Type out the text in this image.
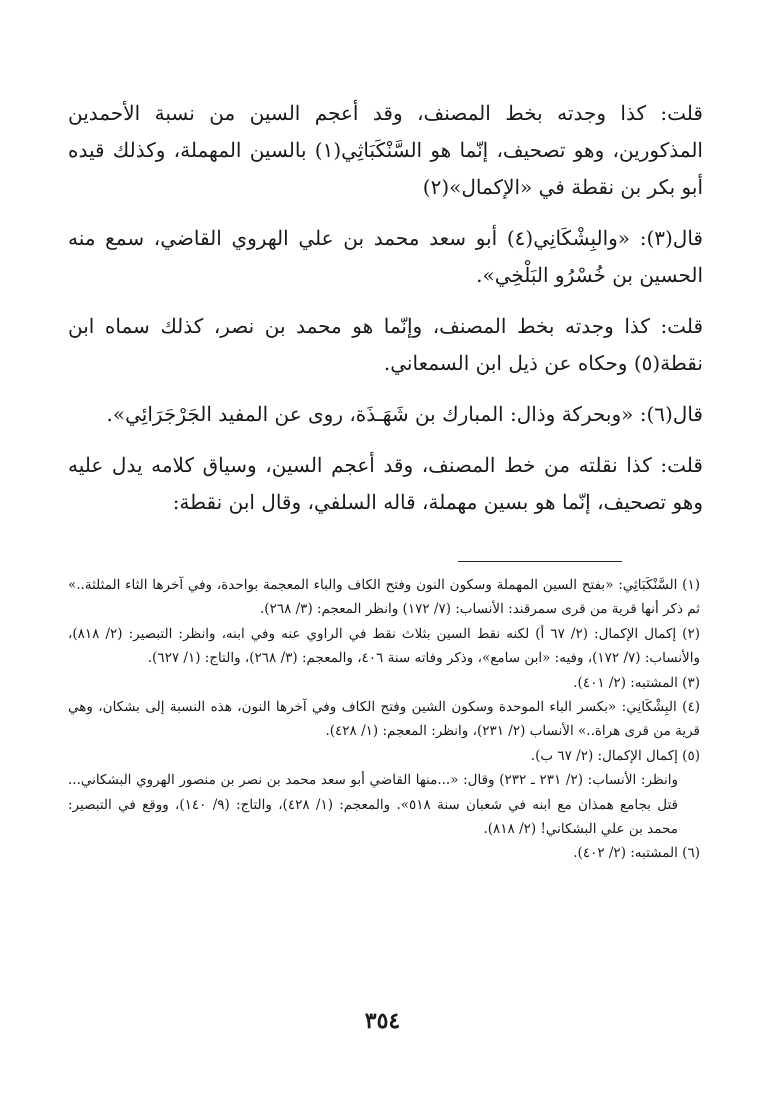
قلت: كذا وجدته بخط المصنف، وقد أعجم السين من نسبة الأحمدين المذكورين، وهو تصحيف، إنّما هو السَّنْكَبَاثِي(١) بالسين المهملة، وكذلك قيده أبو بكر بن نقطة في «الإكمال»(٢)

قال(٣): «والبِشْكَانِي(٤) أبو سعد محمد بن علي الهروي القاضي، سمع منه الحسين بن خُسْرُو البَلْخِي».

قلت: كذا وجدته بخط المصنف، وإنّما هو محمد بن نصر، كذلك سماه ابن نقطة(٥) وحكاه عن ذيل ابن السمعاني.

قال(٦): «وبحركة وذال: المبارك بن شَهَـذَة، روى عن المفيد الجَرْجَرَائِي».

قلت: كذا نقلته من خط المصنف، وقد أعجم السين، وسياق كلامه يدل عليه وهو تصحيف، إنّما هو بسين مهملة، قاله السلفي، وقال ابن نقطة:

(١) السَّنْكَبَاثِي: «بفتح السين المهملة وسكون النون وفتح الكاف والباء المعجمة بواحدة، وفي آخرها الثاء المثلثة..» ثم ذكر أنها قرية من قرى سمرقند: الأنساب: (٧/ ١٧٢) وانظر المعجم: (٣/ ٢٦٨).

(٢) إكمال الإكمال: (٢/ ٦٧ أ) لكنه نقط السين بثلاث نقط في الراوي عنه وفي ابنه، وانظر: التبصير: (٢/ ٨١٨)، والأنساب: (٧/ ١٧٢)، وفيه: «ابن سامع»، وذكر وفاته سنة ٤٠٦، والمعجم: (٣/ ٢٦٨)، والتاج: (١/ ٦٢٧).

(٣) المشتبه: (٢/ ٤٠١).

(٤) البِشْكَانِي: «بكسر الباء الموحدة وسكون الشين وفتح الكاف وفي آخرها النون، هذه النسبة إلى بشكان، وهي قرية من قرى هراة..» الأنساب (٢/ ٢٣١)، وانظر: المعجم: (١/ ٤٢٨).

(٥) إكمال الإكمال: (٢/ ٦٧ ب).

وانظر: الأنساب: (٢/ ٢٣١ ـ ٢٣٢) وقال: «...منها القاضي أبو سعد محمد بن نصر بن منصور الهروي البشكاني... قتل بجامع همذان مع ابنه في شعبان سنة ٥١٨». والمعجم: (١/ ٤٢٨)، والتاج: (٩/ ١٤٠)، ووقع في التبصير: محمد بن علي البشكاني! (٢/ ٨١٨).

(٦) المشتبه: (٢/ ٤٠٢).

٣٥٤
